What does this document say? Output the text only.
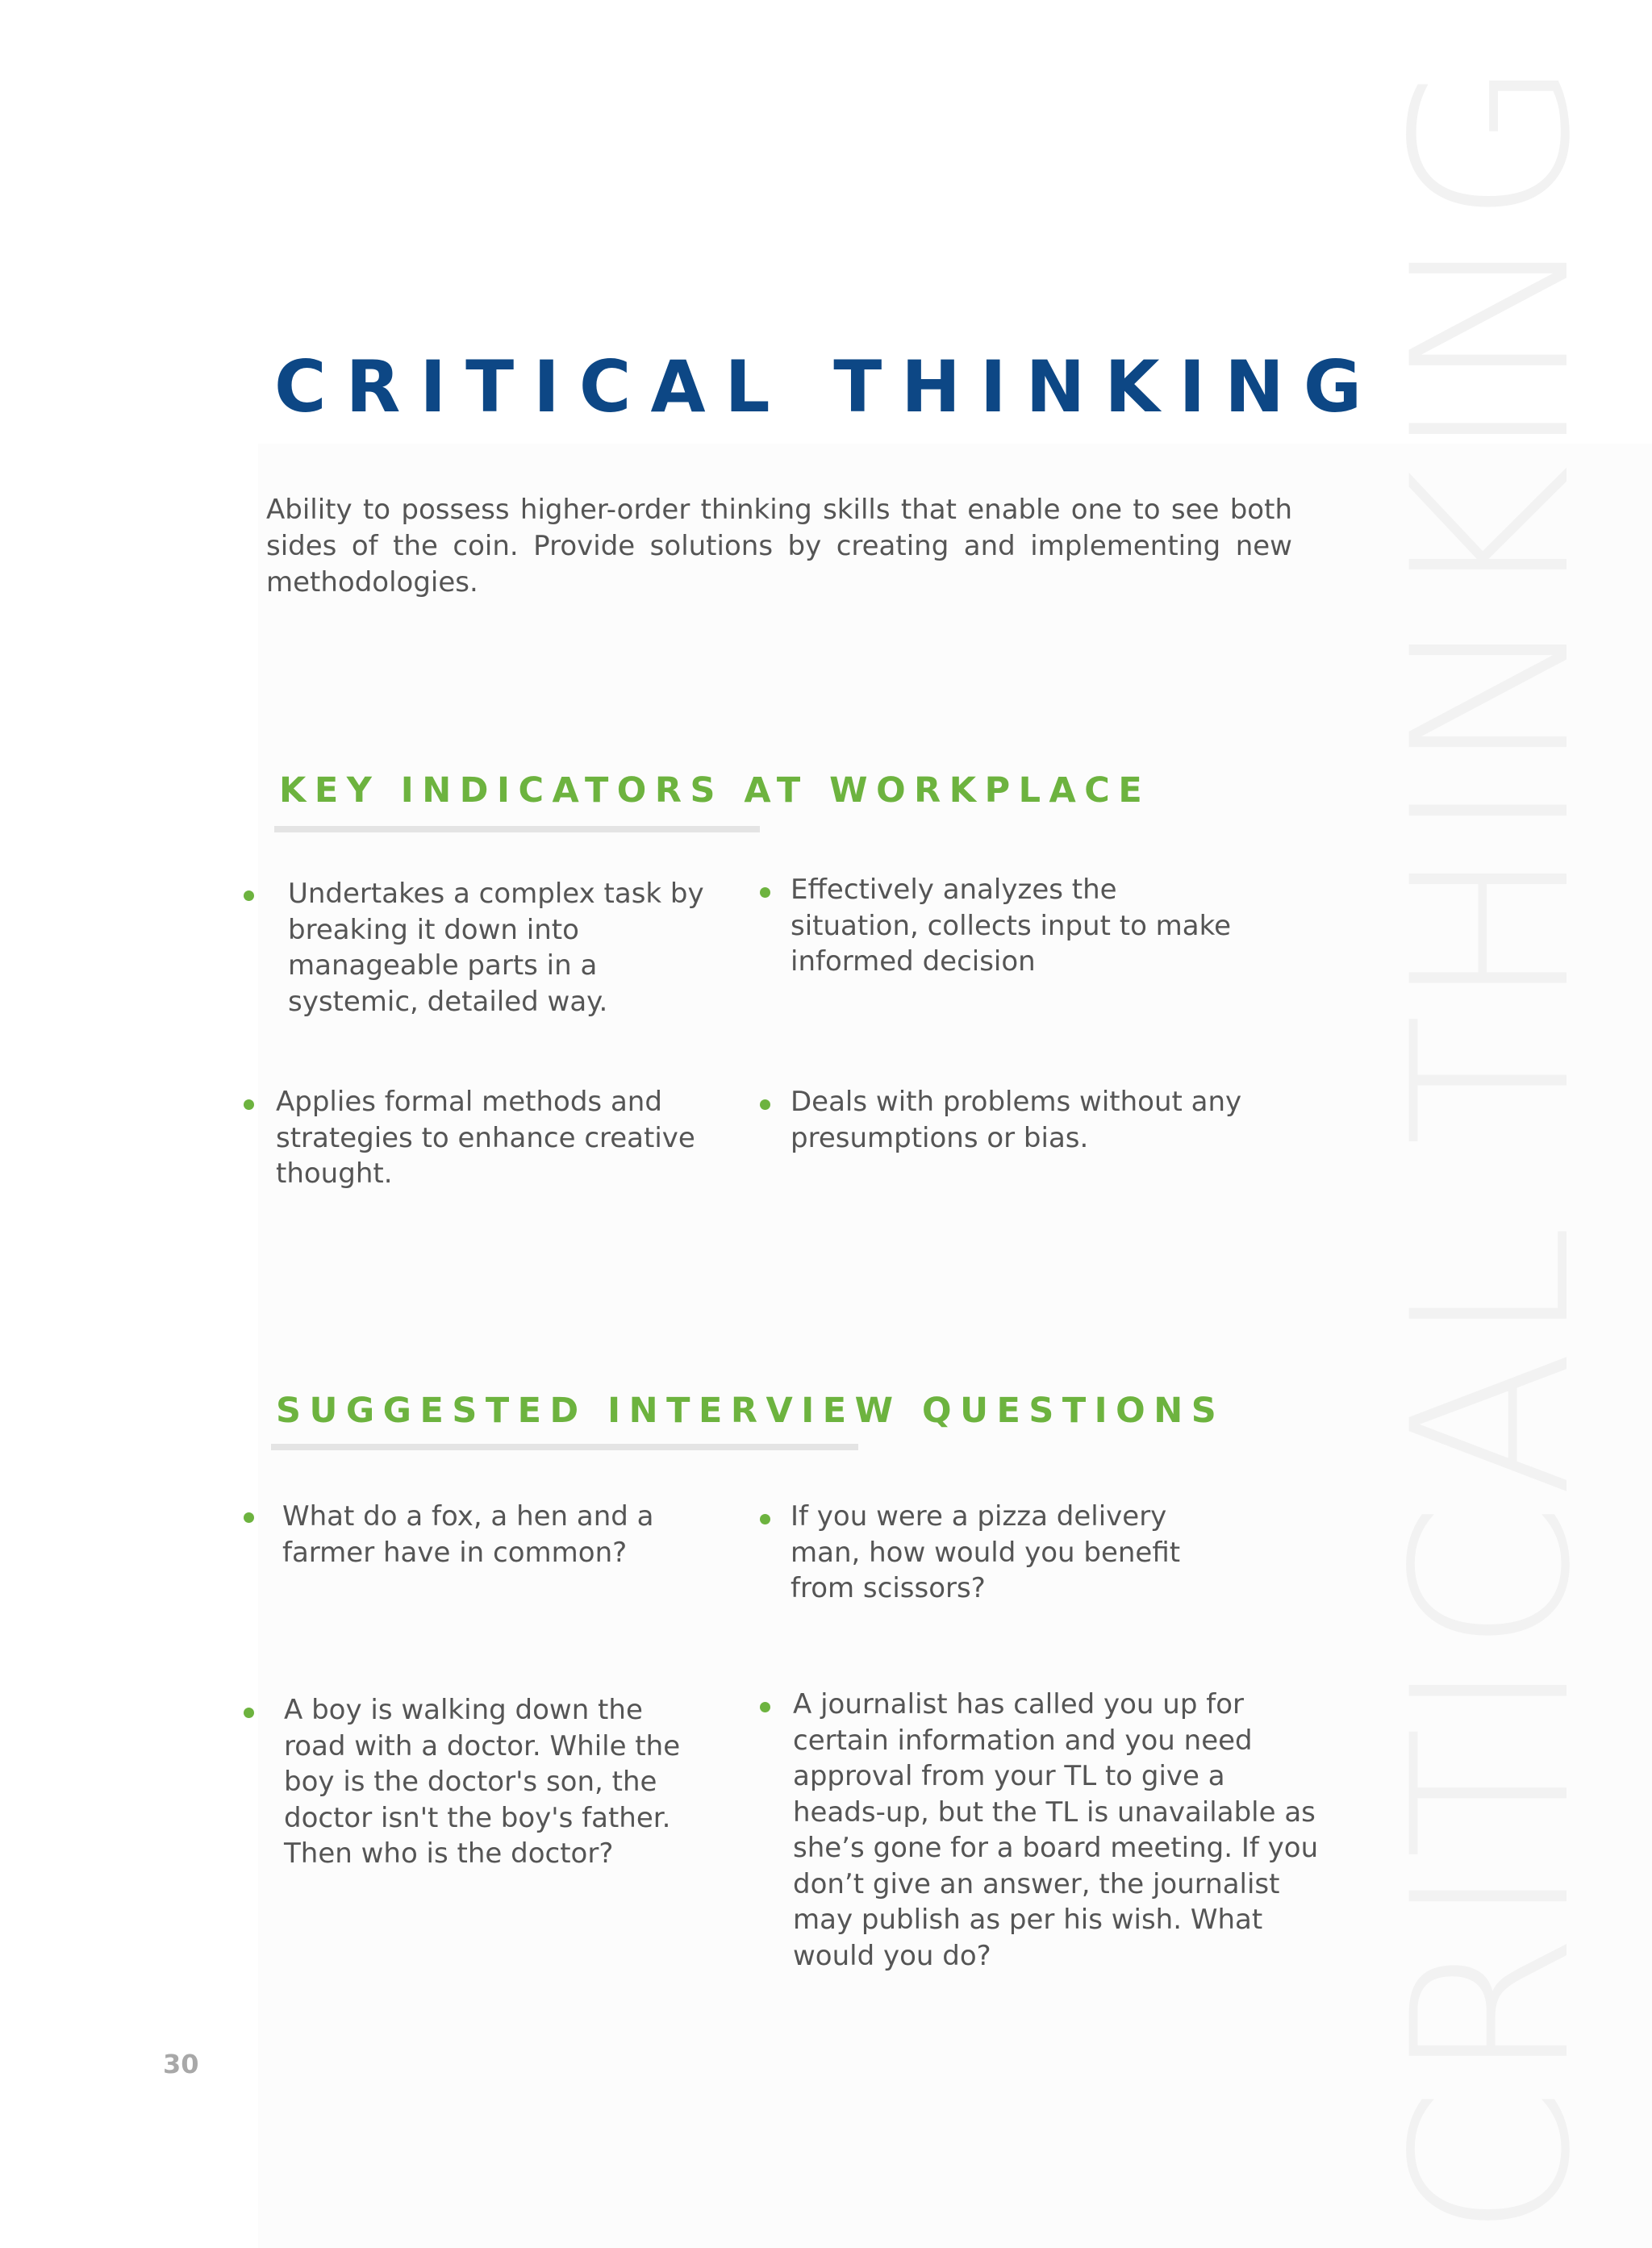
CRITICAL THINKING
CRITICAL THINKING

Ability to possess higher-order thinking skills that enable one to see both sides of the coin. Provide solutions by creating and implementing new methodologies.

KEY INDICATORS AT WORKPLACE

Undertakes a complex task by breaking it down into manageable parts in a systemic, detailed way.

Effectively analyzes the situation, collects input to make informed decision

Applies formal methods and strategies to enhance creative thought.

Deals with problems without any presumptions or bias.

SUGGESTED INTERVIEW QUESTIONS

What do a fox, a hen and a farmer have in common?

If you were a pizza delivery man, how would you benefit from scissors?

A boy is walking down the road with a doctor. While the boy is the doctor's son, the doctor isn't the boy's father. Then who is the doctor?

A journalist has called you up for certain information and you need approval from your TL to give a heads-up, but the TL is unavailable as she’s gone for a board meeting. If you don’t give an answer, the journalist may publish as per his wish. What would you do?

30
